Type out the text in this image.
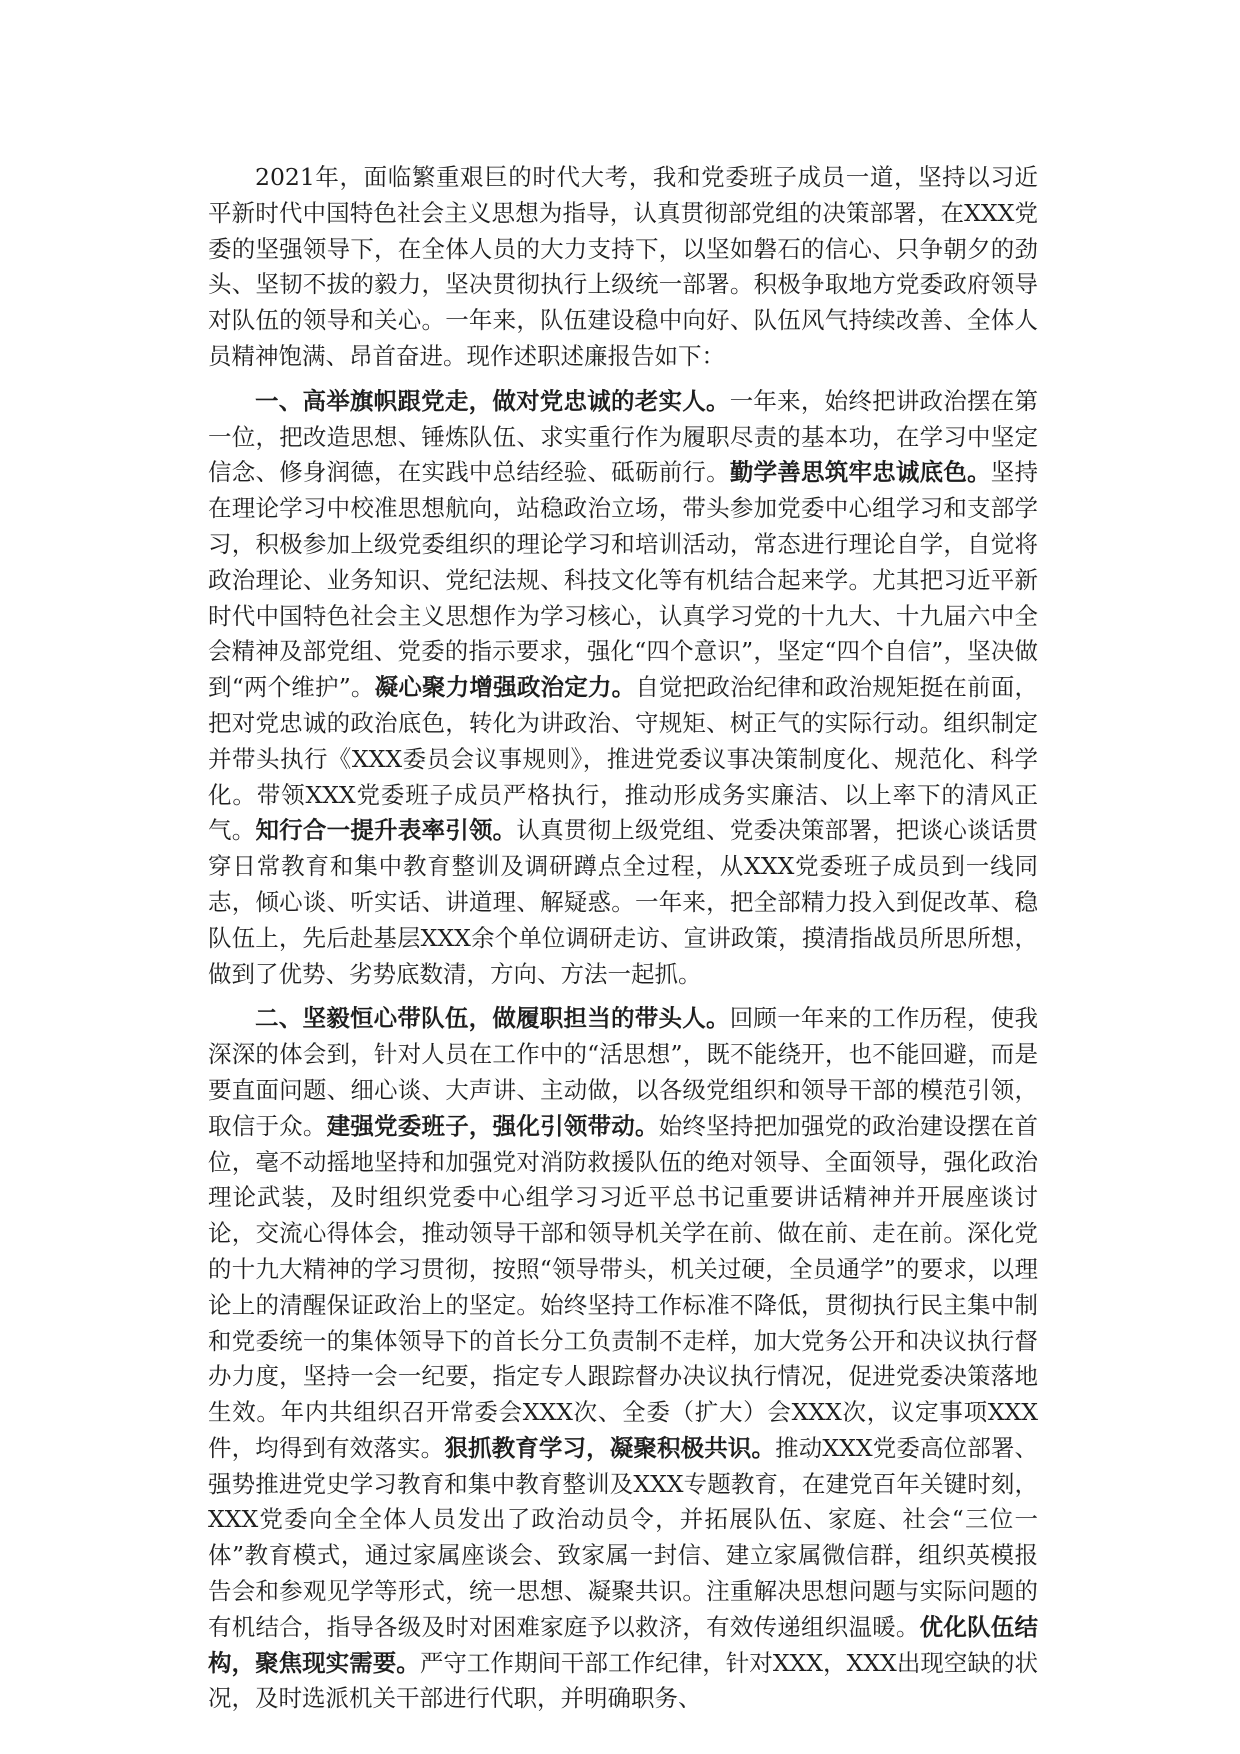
2021年，面临繁重艰巨的时代大考，我和党委班子成员一道，坚持以习近平新时代中国特色社会主义思想为指导，认真贯彻部党组的决策部署，在XXX党委的坚强领导下，在全体人员的大力支持下，以坚如磐石的信心、只争朝夕的劲头、坚韧不拔的毅力，坚决贯彻执行上级统一部署。积极争取地方党委政府领导对队伍的领导和关心。一年来，队伍建设稳中向好、队伍风气持续改善、全体人员精神饱满、昂首奋进。现作述职述廉报告如下：

一、高举旗帜跟党走，做对党忠诚的老实人。一年来，始终把讲政治摆在第一位，把改造思想、锤炼队伍、求实重行作为履职尽责的基本功，在学习中坚定信念、修身润德，在实践中总结经验、砥砺前行。勤学善思筑牢忠诚底色。坚持在理论学习中校准思想航向，站稳政治立场，带头参加党委中心组学习和支部学习，积极参加上级党委组织的理论学习和培训活动，常态进行理论自学，自觉将政治理论、业务知识、党纪法规、科技文化等有机结合起来学。尤其把习近平新时代中国特色社会主义思想作为学习核心，认真学习党的十九大、十九届六中全会精神及部党组、党委的指示要求，强化“四个意识”，坚定“四个自信”，坚决做到“两个维护”。凝心聚力增强政治定力。自觉把政治纪律和政治规矩挺在前面，把对党忠诚的政治底色，转化为讲政治、守规矩、树正气的实际行动。组织制定并带头执行《XXX委员会议事规则》，推进党委议事决策制度化、规范化、科学化。带领XXX党委班子成员严格执行，推动形成务实廉洁、以上率下的清风正气。知行合一提升表率引领。认真贯彻上级党组、党委决策部署，把谈心谈话贯穿日常教育和集中教育整训及调研蹲点全过程，从XXX党委班子成员到一线同志，倾心谈、听实话、讲道理、解疑惑。一年来，把全部精力投入到促改革、稳队伍上，先后赴基层XXX余个单位调研走访、宣讲政策，摸清指战员所思所想，做到了优势、劣势底数清，方向、方法一起抓。

二、坚毅恒心带队伍，做履职担当的带头人。回顾一年来的工作历程，使我深深的体会到，针对人员在工作中的“活思想”，既不能绕开，也不能回避，而是要直面问题、细心谈、大声讲、主动做，以各级党组织和领导干部的模范引领，取信于众。建强党委班子，强化引领带动。始终坚持把加强党的政治建设摆在首位，毫不动摇地坚持和加强党对消防救援队伍的绝对领导、全面领导，强化政治理论武装，及时组织党委中心组学习习近平总书记重要讲话精神并开展座谈讨论，交流心得体会，推动领导干部和领导机关学在前、做在前、走在前。深化党的十九大精神的学习贯彻，按照“领导带头，机关过硬，全员通学”的要求，以理论上的清醒保证政治上的坚定。始终坚持工作标准不降低，贯彻执行民主集中制和党委统一的集体领导下的首长分工负责制不走样，加大党务公开和决议执行督办力度，坚持一会一纪要，指定专人跟踪督办决议执行情况，促进党委决策落地生效。年内共组织召开常委会XXX次、全委（扩大）会XXX次，议定事项XXX件，均得到有效落实。狠抓教育学习，凝聚积极共识。推动XXX党委高位部署、强势推进党史学习教育和集中教育整训及XXX专题教育，在建党百年关键时刻，XXX党委向全全体人员发出了政治动员令，并拓展队伍、家庭、社会“三位一体”教育模式，通过家属座谈会、致家属一封信、建立家属微信群，组织英模报告会和参观见学等形式，统一思想、凝聚共识。注重解决思想问题与实际问题的有机结合，指导各级及时对困难家庭予以救济，有效传递组织温暖。优化队伍结构，聚焦现实需要。严守工作期间干部工作纪律，针对XXX，XXX出现空缺的状况，及时选派机关干部进行代职，并明确职务、
